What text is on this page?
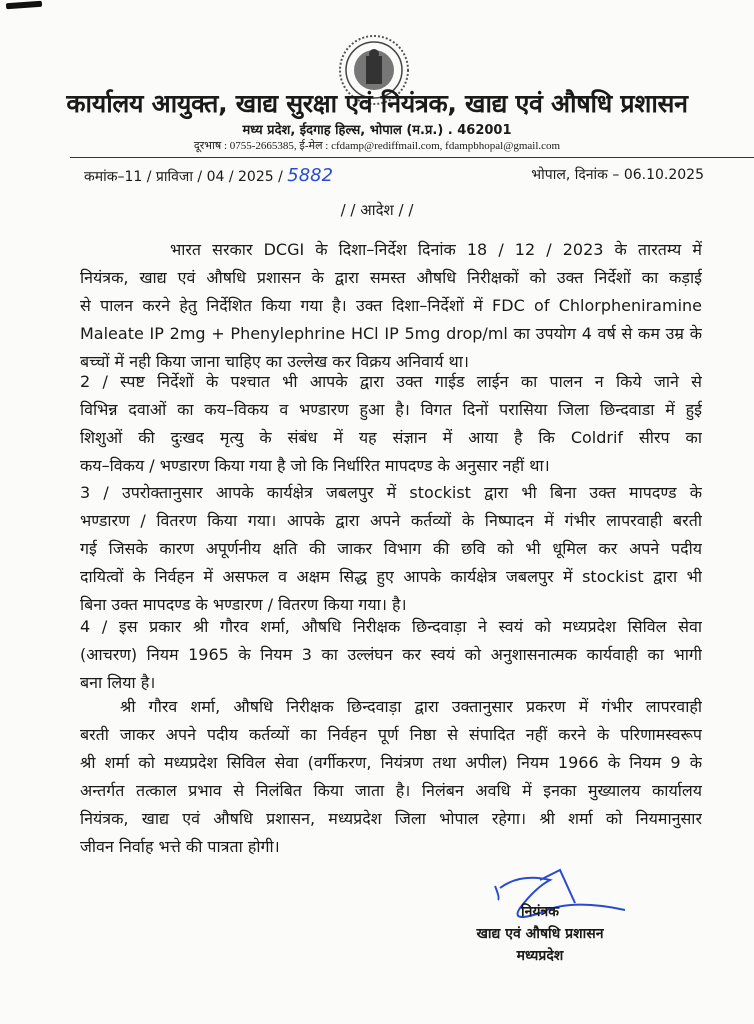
कार्यालय आयुक्त, खाद्य सुरक्षा एवं नियंत्रक, खाद्य एवं औषधि प्रशासन
मध्य प्रदेश, ईदगाह हिल्स, भोपाल (म.प्र.) . 462001
दूरभाष : 0755-2665385, ई-मेल : cfdamp@rediffmail.com, fdampbhopal@gmail.com
कमांक–11 / प्राविजा / 04 / 2025 / 5882	भोपाल, दिनांक – 06.10.2025
/ / आदेश / /
भारत सरकार DCGI के दिशा–निर्देश दिनांक 18 / 12 / 2023 के तारतम्य में
नियंत्रक, खाद्य एवं औषधि प्रशासन के द्वारा समस्त औषधि निरीक्षकों को उक्त निर्देशों का कड़ाई
से पालन करने हेतु निर्देशित किया गया है। उक्त दिशा–निर्देशों में FDC of Chlorpheniramine
Maleate IP 2mg + Phenylephrine HCl IP 5mg drop/ml का उपयोग 4 वर्ष से कम उम्र के
बच्चों में नही किया जाना चाहिए का उल्लेख कर विक्रय अनिवार्य था।
2 / स्पष्ट निर्देशों के पश्चात भी आपके द्वारा उक्त गाईड लाईन का पालन न किये जाने से
विभिन्न दवाओं का कय–विकय व भण्डारण हुआ है। विगत दिनों परासिया जिला छिन्दवाडा में हुई
शिशुओं की दुःखद मृत्यु के संबंध में यह संज्ञान में आया है कि Coldrif सीरप का
कय–विकय / भण्डारण किया गया है जो कि निर्धारित मापदण्ड के अनुसार नहीं था।
3 / उपरोक्तानुसार आपके कार्यक्षेत्र जबलपुर में stockist द्वारा भी बिना उक्त मापदण्ड के
भण्डारण / वितरण किया गया। आपके द्वारा अपने कर्तव्यों के निष्पादन में गंभीर लापरवाही बरती
गई जिसके कारण अपूर्णनीय क्षति की जाकर विभाग की छवि को भी धूमिल कर अपने पदीय
दायित्वों के निर्वहन में असफल व अक्षम सिद्ध हुए आपके कार्यक्षेत्र जबलपुर में stockist द्वारा भी
बिना उक्त मापदण्ड के भण्डारण / वितरण किया गया। है।
4 / इस प्रकार श्री गौरव शर्मा, औषधि निरीक्षक छिन्दवाड़ा ने स्वयं को मध्यप्रदेश सिविल सेवा
(आचरण) नियम 1965 के नियम 3 का उल्लंघन कर स्वयं को अनुशासनात्मक कार्यवाही का भागी
बना लिया है।
श्री गौरव शर्मा, औषधि निरीक्षक छिन्दवाड़ा द्वारा उक्तानुसार प्रकरण में गंभीर लापरवाही
बरती जाकर अपने पदीय कर्तव्यों का निर्वहन पूर्ण निष्ठा से संपादित नहीं करने के परिणामस्वरूप
श्री शर्मा को मध्यप्रदेश सिविल सेवा (वर्गीकरण, नियंत्रण तथा अपील) नियम 1966 के नियम 9 के
अन्तर्गत तत्काल प्रभाव से निलंबित किया जाता है। निलंबन अवधि में इनका मुख्यालय कार्यालय
नियंत्रक, खाद्य एवं औषधि प्रशासन, मध्यप्रदेश जिला भोपाल रहेगा। श्री शर्मा को नियमानुसार
जीवन निर्वाह भत्ते की पात्रता होगी।
नियंत्रक
खाद्य एवं औषधि प्रशासन
मध्यप्रदेश
